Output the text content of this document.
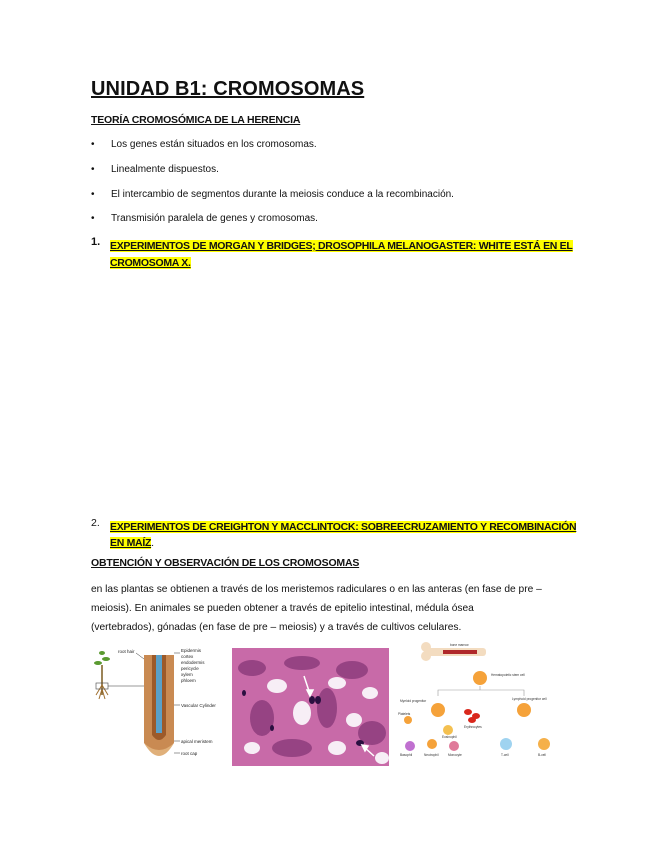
UNIDAD B1: CROMOSOMAS
TEORÍA CROMOSÓMICA DE LA HERENCIA
• Los genes están situados en los cromosomas.
• Linealmente dispuestos.
• El intercambio de segmentos durante la meiosis conduce a la recombinación.
• Transmisión paralela de genes y cromosomas.
1. EXPERIMENTOS DE MORGAN Y BRIDGES; DROSOPHILA MELANOGASTER: WHITE ESTÁ EN EL
CROMOSOMA X.
2. EXPERIMENTOS DE CREIGHTON Y MACCLINTOCK: SOBREECRUZAMIENTO Y RECOMBINACIÓN
EN MAÍZ.
OBTENCIÓN Y OBSERVACIÓN DE LOS CROMOSOMAS
en las plantas se obtienen a través de los meristemos radiculares o en las anteras (en fase de pre –
meiosis). En animales se pueden obtener a través de epitelio intestinal, médula ósea
(vertebrados), gónadas (en fase de pre – meiosis) y a través de cultivos celulares.
root hair	Epidermis
cortex
endodermis
pericycle
xylem
phloem
Vascular Cylinder
apical meristem
root cap
bone marrow
Hematopoietic stem cell
Myeloid progenitor	Lymphoid progenitor cell
Erythrocytes
Platelets
Basophil	Neutrophil	Monocyte
Eosinophil
T-cell	B-cell
